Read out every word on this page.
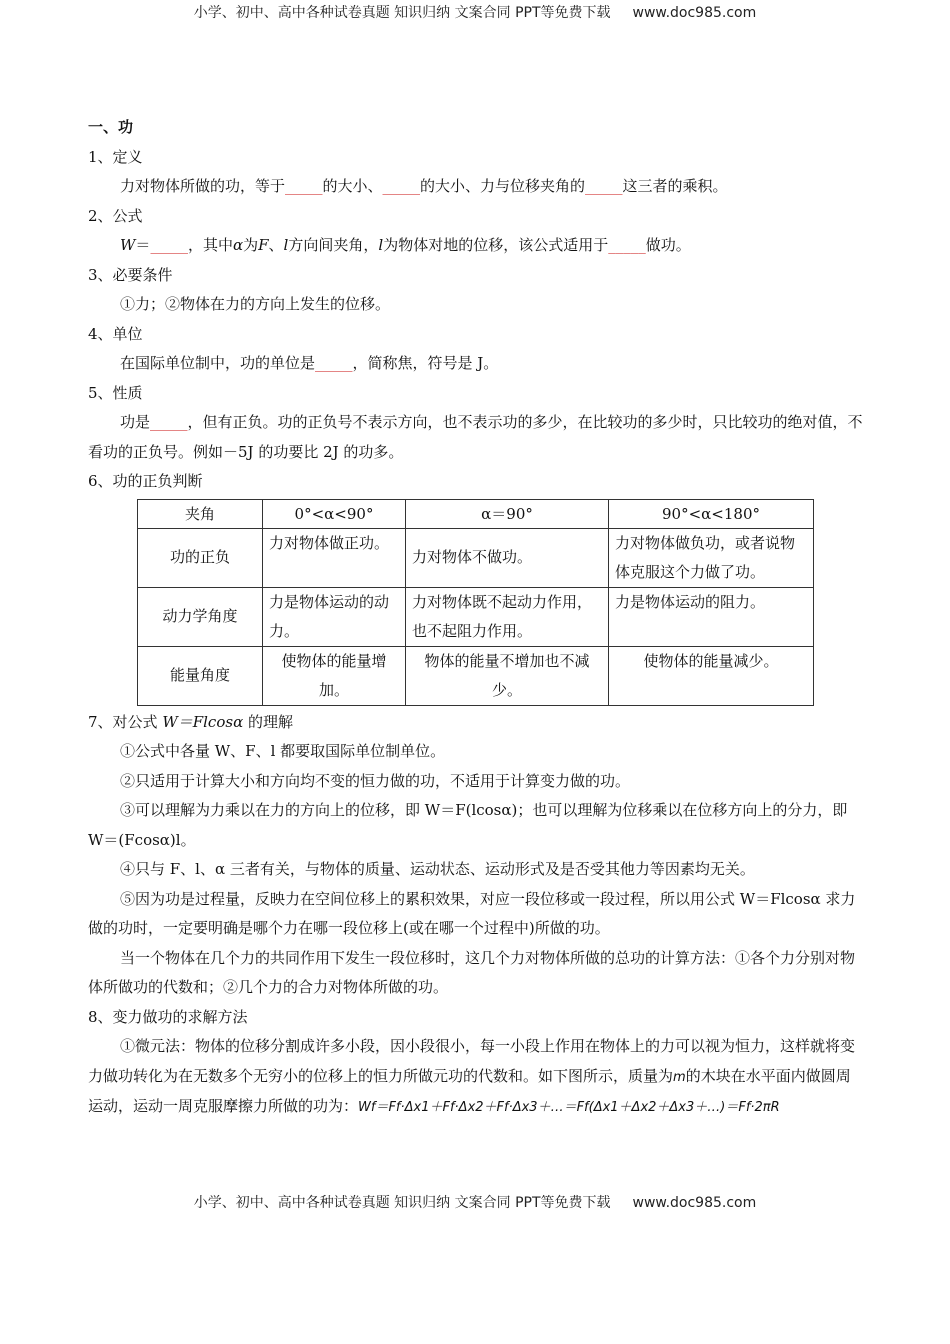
小学、初中、高中各种试卷真题 知识归纳 文案合同 PPT等免费下载 www.doc985.com

一、功

1、定义

力对物体所做的功，等于_____的大小、_____的大小、力与位移夹角的_____这三者的乘积。

2、公式

W＝_____，其中α为F、l方向间夹角，l为物体对地的位移，该公式适用于_____做功。

3、必要条件

①力；②物体在力的方向上发生的位移。

4、单位

在国际单位制中，功的单位是_____，简称焦，符号是 J。

5、性质

功是_____，但有正负。功的正负号不表示方向，也不表示功的多少，在比较功的多少时，只比较功的绝对值，不看功的正负号。例如－5J 的功要比 2J 的功多。

6、功的正负判断

夹角	0°<α<90°	α＝90°	90°<α<180°
功的正负	力对物体做正功。	力对物体不做功。	力对物体做负功，或者说物体克服这个力做了功。
动力学角度	力是物体运动的动力。	力对物体既不起动力作用，也不起阻力作用。	力是物体运动的阻力。
能量角度	使物体的能量增加。	物体的能量不增加也不减少。	使物体的能量减少。

7、对公式 W＝Flcosα 的理解

①公式中各量 W、F、l 都要取国际单位制单位。

②只适用于计算大小和方向均不变的恒力做的功，不适用于计算变力做的功。

③可以理解为力乘以在力的方向上的位移，即 W＝F(lcosα)；也可以理解为位移乘以在位移方向上的分力，即 W＝(Fcosα)l。

④只与 F、l、α 三者有关，与物体的质量、运动状态、运动形式及是否受其他力等因素均无关。

⑤因为功是过程量，反映力在空间位移上的累积效果，对应一段位移或一段过程，所以用公式 W＝Flcosα 求力做的功时，一定要明确是哪个力在哪一段位移上(或在哪一个过程中)所做的功。

当一个物体在几个力的共同作用下发生一段位移时，这几个力对物体所做的总功的计算方法：①各个力分别对物体所做功的代数和；②几个力的合力对物体所做的功。

8、变力做功的求解方法

①微元法：物体的位移分割成许多小段，因小段很小，每一小段上作用在物体上的力可以视为恒力，这样就将变力做功转化为在无数多个无穷小的位移上的恒力所做元功的代数和。如下图所示，质量为m的木块在水平面内做圆周运动，运动一周克服摩擦力所做的功为：Wf＝Ff·Δx1＋Ff·Δx2＋Ff·Δx3＋…＝Ff(Δx1＋Δx2＋Δx3＋…)＝Ff·2πR

小学、初中、高中各种试卷真题 知识归纳 文案合同 PPT等免费下载 www.doc985.com
